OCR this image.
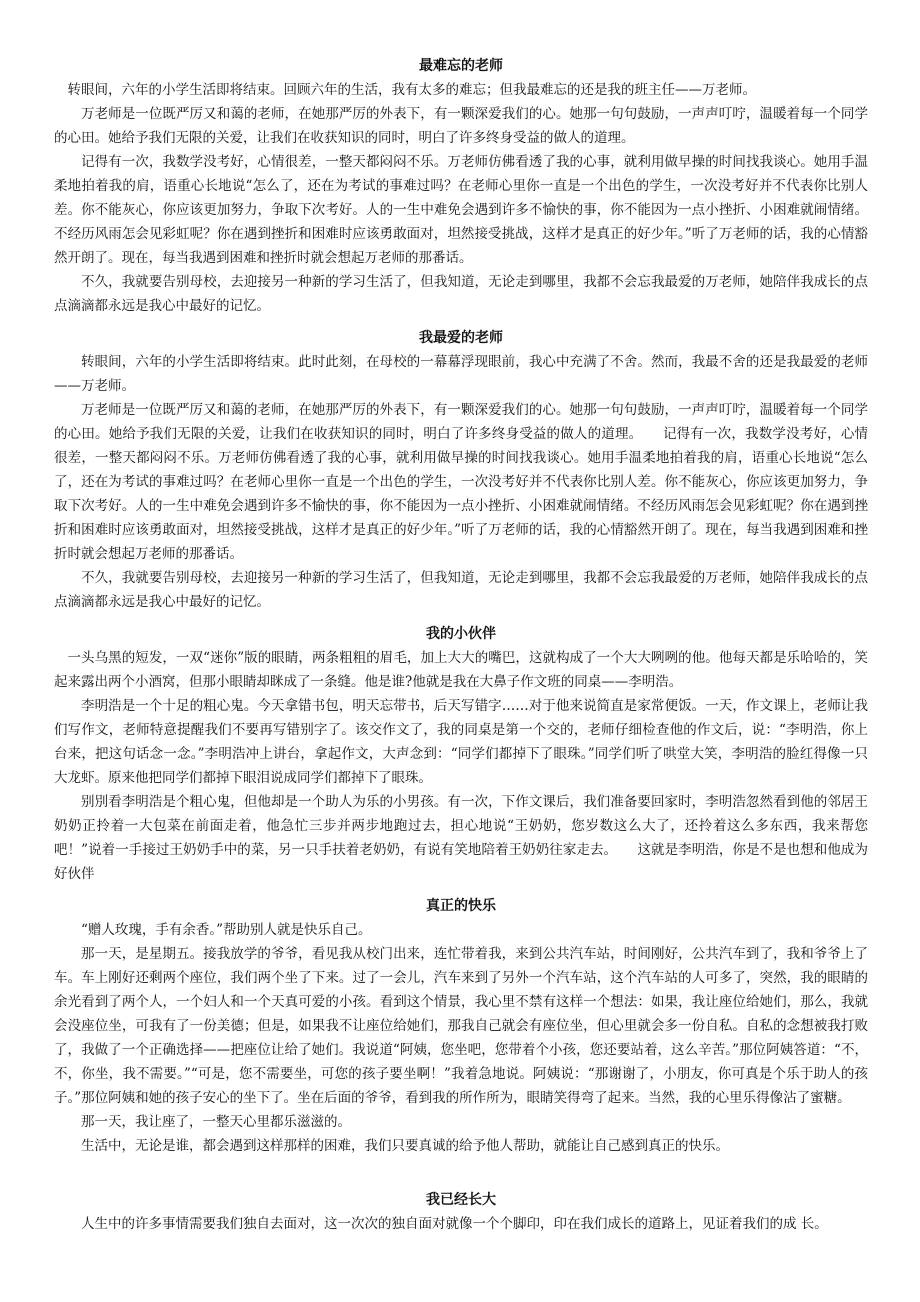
最难忘的老师

转眼间，六年的小学生活即将结束。回顾六年的生活，我有太多的难忘；但我最难忘的还是我的班主任——万老师。

万老师是一位既严厉又和蔼的老师，在她那严厉的外表下，有一颗深爱我们的心。她那一句句鼓励，一声声叮咛，温暖着每一个同学的心田。她给予我们无限的关爱，让我们在收获知识的同时，明白了许多终身受益的做人的道理。

记得有一次，我数学没考好，心情很差，一整天都闷闷不乐。万老师仿佛看透了我的心事，就利用做早操的时间找我谈心。她用手温柔地拍着我的肩，语重心长地说“怎么了，还在为考试的事难过吗？在老师心里你一直是一个出色的学生，一次没考好并不代表你比别人差。你不能灰心，你应该更加努力，争取下次考好。人的一生中难免会遇到许多不愉快的事，你不能因为一点小挫折、小困难就闹情绪。不经历风雨怎会见彩虹呢？你在遇到挫折和困难时应该勇敢面对，坦然接受挑战，这样才是真正的好少年。”听了万老师的话，我的心情豁然开朗了。现在，每当我遇到困难和挫折时就会想起万老师的那番话。

不久，我就要告别母校，去迎接另一种新的学习生活了，但我知道，无论走到哪里，我都不会忘我最爱的万老师，她陪伴我成长的点点滴滴都永远是我心中最好的记忆。

我最爱的老师

转眼间，六年的小学生活即将结束。此时此刻，在母校的一幕幕浮现眼前，我心中充满了不舍。然而，我最不舍的还是我最爱的老师——万老师。

万老师是一位既严厉又和蔼的老师，在她那严厉的外表下，有一颗深爱我们的心。她那一句句鼓励，一声声叮咛，温暖着每一个同学的心田。她给予我们无限的关爱，让我们在收获知识的同时，明白了许多终身受益的做人的道理。　　记得有一次，我数学没考好，心情很差，一整天都闷闷不乐。万老师仿佛看透了我的心事，就利用做早操的时间找我谈心。她用手温柔地拍着我的肩，语重心长地说“怎么了，还在为考试的事难过吗？在老师心里你一直是一个出色的学生，一次没考好并不代表你比别人差。你不能灰心，你应该更加努力，争取下次考好。人的一生中难免会遇到许多不愉快的事，你不能因为一点小挫折、小困难就闹情绪。不经历风雨怎会见彩虹呢？你在遇到挫折和困难时应该勇敢面对，坦然接受挑战，这样才是真正的好少年。”听了万老师的话，我的心情豁然开朗了。现在，每当我遇到困难和挫折时就会想起万老师的那番话。

不久，我就要告别母校，去迎接另一种新的学习生活了，但我知道，无论走到哪里，我都不会忘我最爱的万老师，她陪伴我成长的点点滴滴都永远是我心中最好的记忆。

我的小伙伴

一头乌黑的短发，一双“迷你”版的眼睛，两条粗粗的眉毛，加上大大的嘴巴，这就构成了一个大大咧咧的他。他每天都是乐哈哈的，笑起来露出两个小酒窝，但那小眼睛却眯成了一条缝。他是谁?他就是我在大鼻子作文班的同桌——李明浩。

李明浩是一个十足的粗心鬼。今天拿错书包，明天忘带书，后天写错字……对于他来说简直是家常便饭。一天，作文课上，老师让我们写作文，老师特意提醒我们不要再写错别字了。该交作文了，我的同桌是第一个交的，老师仔细检查他的作文后，说：“李明浩，你上台来，把这句话念一念。”李明浩冲上讲台，拿起作文，大声念到：“同学们都掉下了眼珠。”同学们听了哄堂大笑，李明浩的脸红得像一只大龙虾。原来他把同学们都掉下眼泪说成同学们都掉下了眼珠。

别別看李明浩是个粗心鬼，但他却是一个助人为乐的小男孩。有一次，下作文课后，我们准备要回家时，李明浩忽然看到他的邻居王奶奶正拎着一大包菜在前面走着，他急忙三步并两步地跑过去，担心地说“王奶奶，您岁数这么大了，还拎着这么多东西，我来帮您吧！”说着一手接过王奶奶手中的菜，另一只手扶着老奶奶，有说有笑地陪着王奶奶往家走去。　　这就是李明浩，你是不是也想和他成为好伙伴

真正的快乐

“赠人玫瑰，手有余香。”帮助别人就是快乐自己。

那一天，是星期五。接我放学的爷爷，看见我从校门出来，连忙带着我，来到公共汽车站，时间刚好，公共汽车到了，我和爷爷上了车。车上刚好还剩两个座位，我们两个坐了下来。过了一会儿，汽车来到了另外一个汽车站，这个汽车站的人可多了，突然，我的眼睛的余光看到了两个人，一个妇人和一个天真可爱的小孩。看到这个情景，我心里不禁有这样一个想法：如果，我让座位给她们，那么，我就会没座位坐，可我有了一份美德；但是，如果我不让座位给她们，那我自己就会有座位坐，但心里就会多一份自私。自私的念想被我打败了，我做了一个正确选择——把座位让给了她们。我说道“阿姨，您坐吧，您带着个小孩，您还要站着，这么辛苦。”那位阿姨答道：“不，不，你坐，我不需要。”“可是，您不需要坐，可您的孩子要坐啊！”我着急地说。阿姨说：“那谢谢了，小朋友，你可真是个乐于助人的孩子。”那位阿姨和她的孩子安心的坐下了。坐在后面的爷爷，看到我的所作所为，眼睛笑得弯了起来。当然，我的心里乐得像沾了蜜糖。

那一天，我让座了，一整天心里都乐滋滋的。

生活中，无论是谁，都会遇到这样那样的困难，我们只要真诚的给予他人帮助，就能让自己感到真正的快乐。

我已经长大

人生中的许多事情需要我们独自去面对，这一次次的独自面对就像一个个脚印，印在我们成长的道路上，见证着我们的成 长。
